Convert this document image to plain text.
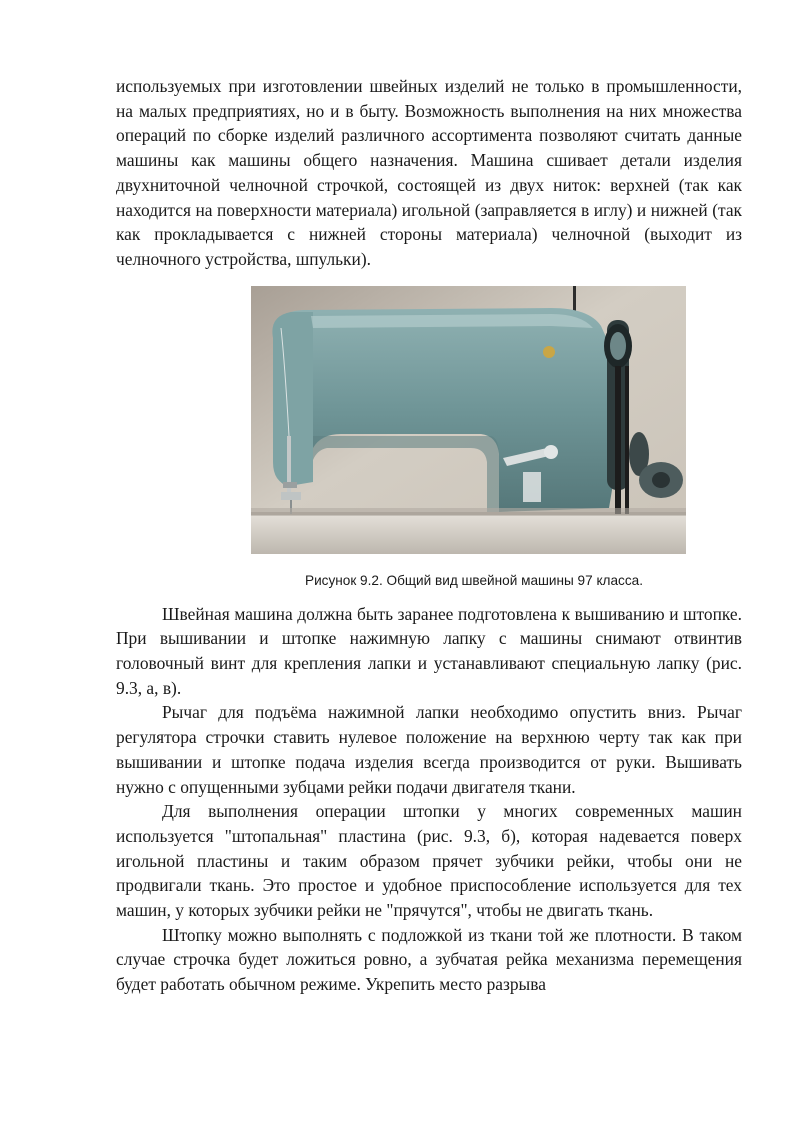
используемых при изготовлении швейных изделий не только в промышленности, на малых предприятиях, но и в быту. Возможность выполнения на них множества операций по сборке изделий различного ассортимента позволяют считать данные машины как машины общего назначения. Машина сшивает детали изделия двухниточной челночной строчкой, состоящей из двух ниток: верхней (так как находится на поверхности материала) игольной (заправляется в иглу) и нижней (так как прокладывается с нижней стороны материала) челночной (выходит из челночного устройства, шпульки).

Рисунок 9.2. Общий вид швейной машины 97 класса.

Швейная машина должна быть заранее подготовлена к вышиванию и штопке. При вышивании и штопке нажимную лапку с машины снимают отвинтив головочный винт для крепления лапки и устанавливают специальную лапку (рис. 9.3, а, в).

Рычаг для подъёма нажимной лапки необходимо опустить вниз. Рычаг регулятора строчки ставить нулевое положение на верхнюю черту так как при вышивании и штопке подача изделия всегда производится от руки. Вышивать нужно с опущенными зубцами рейки подачи двигателя ткани.

Для выполнения операции штопки у многих современных машин используется "штопальная" пластина (рис. 9.3, б), которая надевается поверх игольной пластины и таким образом прячет зубчики рейки, чтобы они не продвигали ткань. Это простое и удобное приспособление используется для тех машин, у которых зубчики рейки не "прячутся", чтобы не двигать ткань.

Штопку можно выполнять с подложкой из ткани той же плотности. В таком случае строчка будет ложиться ровно, а зубчатая рейка механизма перемещения будет работать обычном режиме. Укрепить место разрыва
